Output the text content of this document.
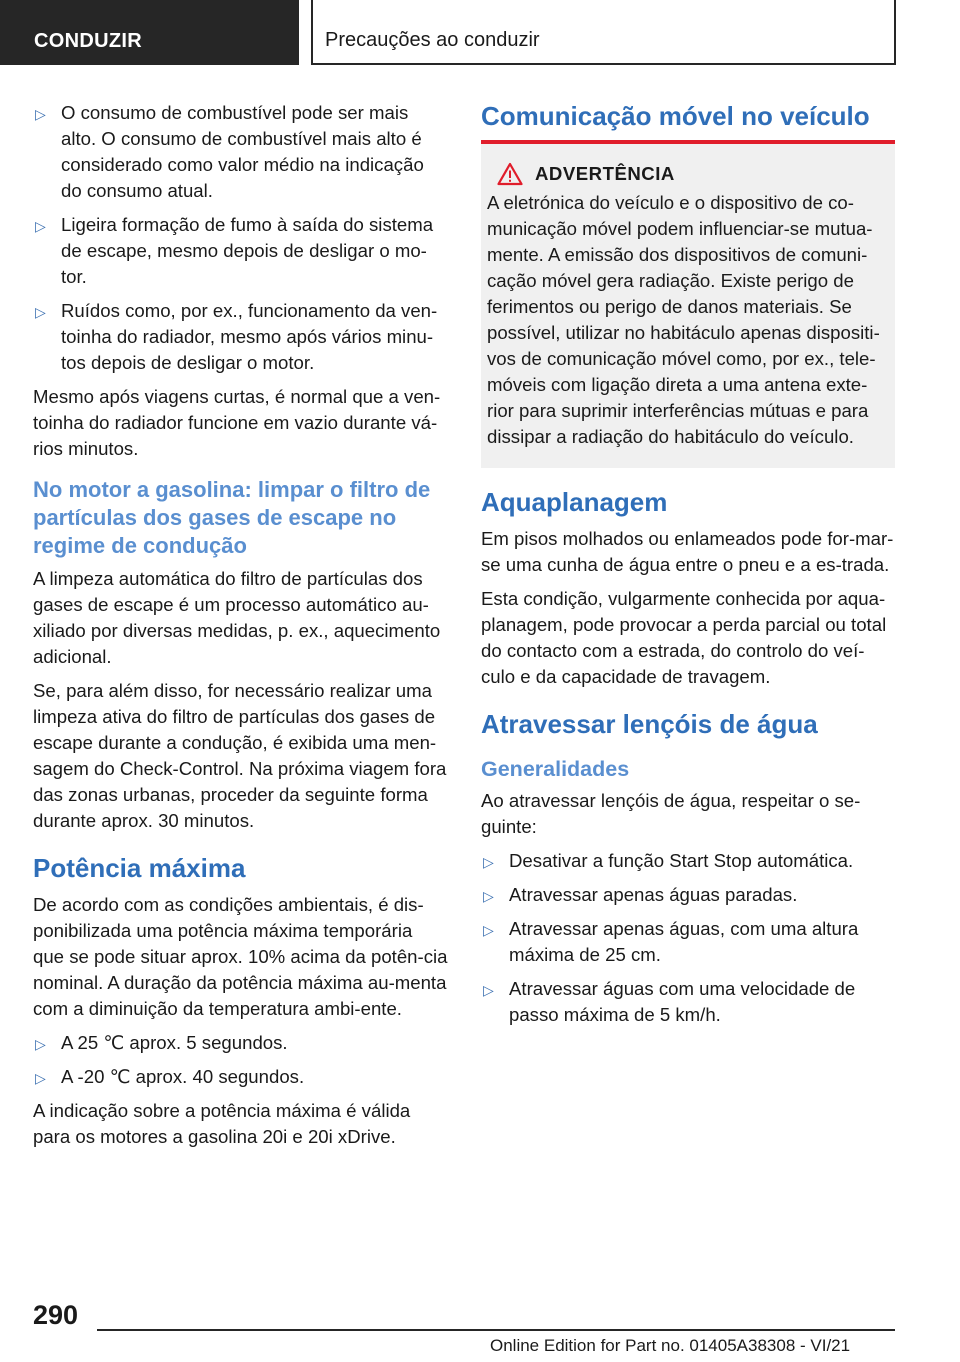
CONDUZIR	Precauções ao conduzir
▷ O consumo de combustível pode ser mais alto. O consumo de combustível mais alto é considerado como valor médio na indicação do consumo atual.
▷ Ligeira formação de fumo à saída do sistema de escape, mesmo depois de desligar o mo-tor.
▷ Ruídos como, por ex., funcionamento da ven-toinha do radiador, mesmo após vários minu-tos depois de desligar o motor.

Mesmo após viagens curtas, é normal que a ven-toinha do radiador funcione em vazio durante vá-rios minutos.

No motor a gasolina: limpar o filtro de partículas dos gases de escape no regime de condução

A limpeza automática do filtro de partículas dos gases de escape é um processo automático au-xiliado por diversas medidas, p. ex., aquecimento adicional.

Se, para além disso, for necessário realizar uma limpeza ativa do filtro de partículas dos gases de escape durante a condução, é exibida uma men-sagem do Check-Control. Na próxima viagem fora das zonas urbanas, proceder da seguinte forma durante aprox. 30 minutos.

Potência máxima

De acordo com as condições ambientais, é dis-ponibilizada uma potência máxima temporária que se pode situar aprox. 10% acima da potên-cia nominal. A duração da potência máxima au-menta com a diminuição da temperatura ambi-ente.

▷ A 25 ℃ aprox. 5 segundos.
▷ A -20 ℃ aprox. 40 segundos.

A indicação sobre a potência máxima é válida para os motores a gasolina 20i e 20i xDrive.

Comunicação móvel no veículo
ADVERTÊNCIA

A eletrónica do veículo e o dispositivo de co-municação móvel podem influenciar-se mutua-mente. A emissão dos dispositivos de comuni-cação móvel gera radiação. Existe perigo de ferimentos ou perigo de danos materiais. Se possível, utilizar no habitáculo apenas dispositi-vos de comunicação móvel como, por ex., tele-móveis com ligação direta a uma antena exte-rior para suprimir interferências mútuas e para dissipar a radiação do habitáculo do veículo.

Aquaplanagem

Em pisos molhados ou enlameados pode for-mar-se uma cunha de água entre o pneu e a es-trada.

Esta condição, vulgarmente conhecida por aqua-planagem, pode provocar a perda parcial ou total do contacto com a estrada, do controlo do veí-culo e da capacidade de travagem.

Atravessar lençóis de água
Generalidades

Ao atravessar lençóis de água, respeitar o se-guinte:

▷ Desativar a função Start Stop automática.
▷ Atravessar apenas águas paradas.
▷ Atravessar apenas águas, com uma altura máxima de 25 cm.
▷ Atravessar águas com uma velocidade de passo máxima de 5 km/h.
290
Online Edition for Part no. 01405A38308 - VI/21
